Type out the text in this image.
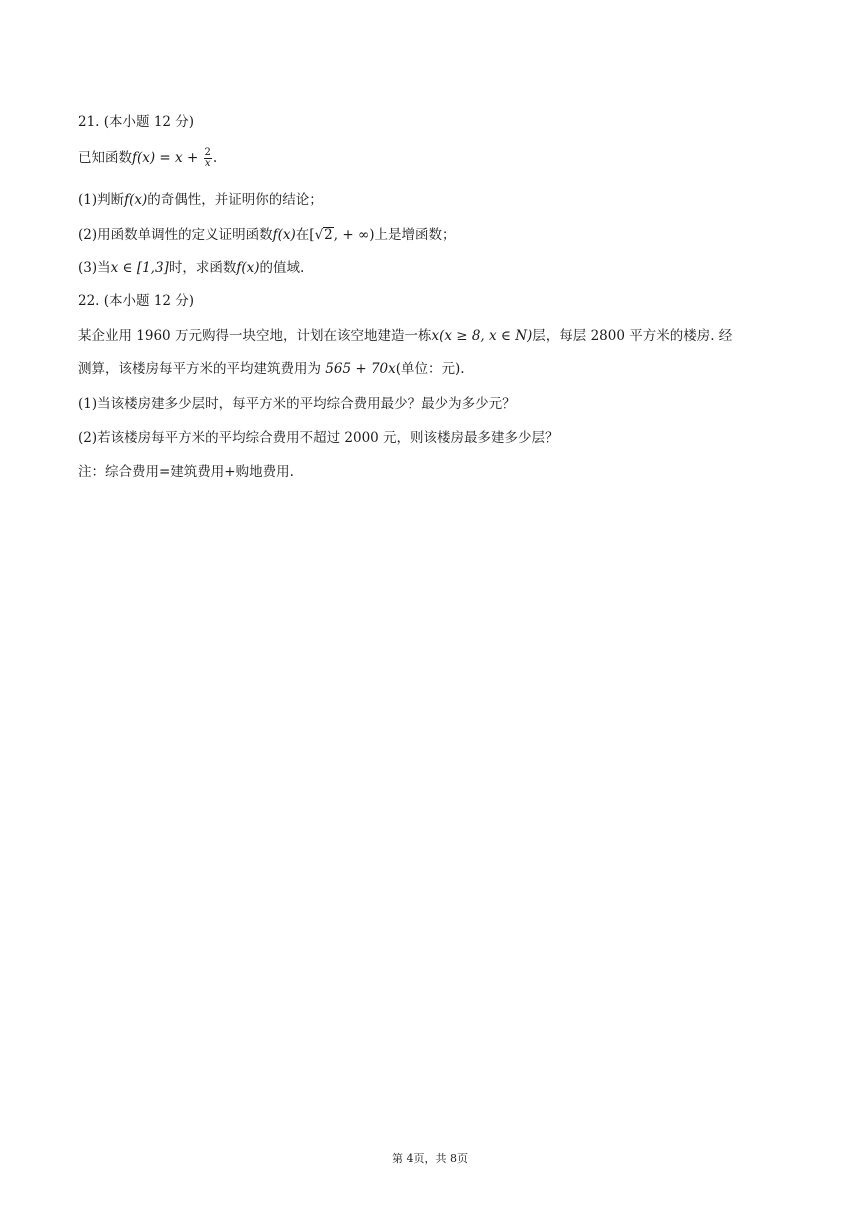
21. (本小题 12 分)
已知函数$f(x) = x + \frac{2}{x}$ .
(1)判断f(x)的奇偶性，并证明你的结论；
(2)用函数单调性的定义证明函数f(x)在[√2, + ∞)上是增函数；
(3)当x ∈ [1,3]时，求函数f(x)的值域.
22. (本小题 12 分)
某企业用 1960 万元购得一块空地，计划在该空地建造一栋x(x ≥ 8, x ∈ N)层，每层 2800 平方米的楼房. 经
测算，该楼房每平方米的平均建筑费用为 565 + 70x(单位：元).
(1)当该楼房建多少层时，每平方米的平均综合费用最少？最少为多少元？
(2)若该楼房每平方米的平均综合费用不超过 2000 元，则该楼房最多建多少层？
注：综合费用=建筑费用+购地费用.
第 4页，共 8页
